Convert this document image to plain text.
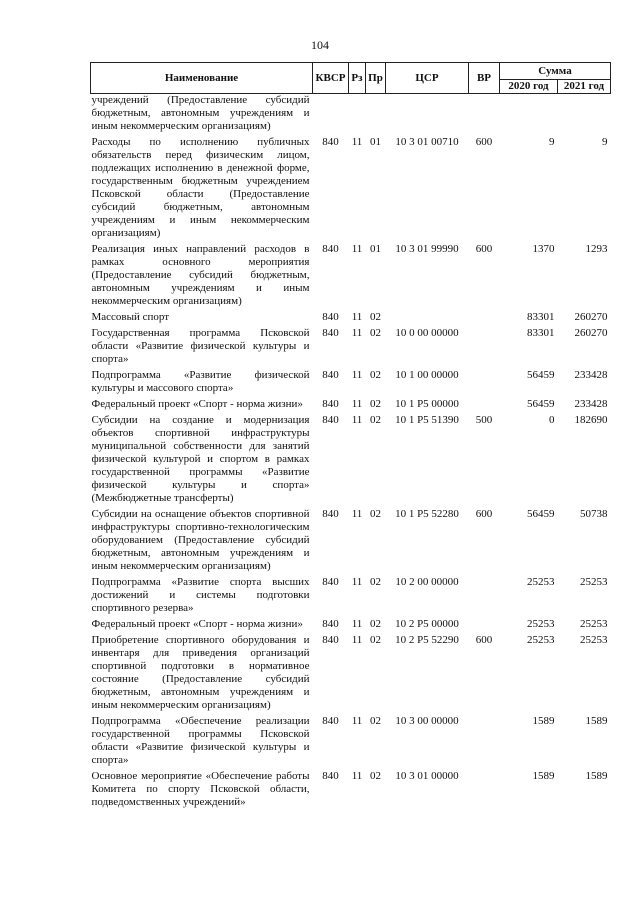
104
Наименование	КВСР	Рз	Пр	ЦСР	ВР	Сумма	
						2020 год	2021 год
учреждений (Предоставление субсидий бюджетным, автономным учреждениям и иным некоммерческим организациям)							
Расходы по исполнению публичных обязательств перед физическим лицом, подлежащих исполнению в денежной форме, государственным бюджетным учреждением Псковской области (Предоставление субсидий бюджетным, автономным учреждениям и иным некоммерческим организациям)	840	11	01	10 3 01 00710	600	9	9
Реализация иных направлений расходов в рамках основного мероприятия (Предоставление субсидий бюджетным, автономным учреждениям и иным некоммерческим организациям)	840	11	01	10 3 01 99990	600	1370	1293
Массовый спорт	840	11	02			83301	260270
Государственная программа Псковской области «Развитие физической культуры и спорта»	840	11	02	10 0 00 00000		83301	260270
Подпрограмма «Развитие физической культуры и массового спорта»	840	11	02	10 1 00 00000		56459	233428
Федеральный проект «Спорт - норма жизни»	840	11	02	10 1 P5 00000		56459	233428
Субсидии на создание и модернизация объектов спортивной инфраструктуры муниципальной собственности для занятий физической культурой и спортом в рамках государственной программы «Развитие физической культуры и спорта» (Межбюджетные трансферты)	840	11	02	10 1 P5 51390	500	0	182690
Субсидии на оснащение объектов спортивной инфраструктуры спортивно-технологическим оборудованием (Предоставление субсидий бюджетным, автономным учреждениям и иным некоммерческим организациям)	840	11	02	10 1 P5 52280	600	56459	50738
Подпрограмма «Развитие спорта высших достижений и системы подготовки спортивного резерва»	840	11	02	10 2 00 00000		25253	25253
Федеральный проект «Спорт - норма жизни»	840	11	02	10 2 P5 00000		25253	25253
Приобретение спортивного оборудования и инвентаря для приведения организаций спортивной подготовки в нормативное состояние (Предоставление субсидий бюджетным, автономным учреждениям и иным некоммерческим организациям)	840	11	02	10 2 P5 52290	600	25253	25253
Подпрограмма «Обеспечение реализации государственной программы Псковской области «Развитие физической культуры и спорта»	840	11	02	10 3 00 00000		1589	1589
Основное мероприятие «Обеспечение работы Комитета по спорту Псковской области, подведомственных учреждений»	840	11	02	10 3 01 00000		1589	1589
